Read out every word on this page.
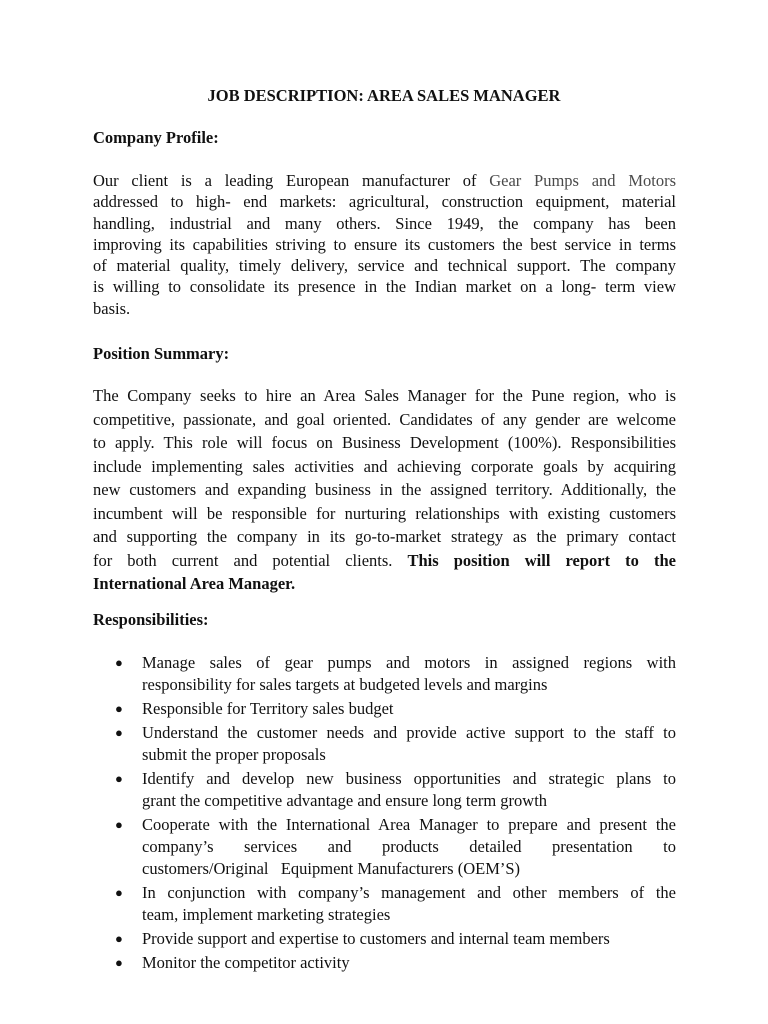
JOB DESCRIPTION: AREA SALES MANAGER
Company Profile:
Our client is a leading European manufacturer of Gear Pumps and Motors
addressed to high- end markets: agricultural, construction equipment, material
handling, industrial and many others. Since 1949, the company has been
improving its capabilities striving to ensure its customers the best service in terms
of material quality, timely delivery, service and technical support. The company
is willing to consolidate its presence in the Indian market on a long- term view
basis.
Position Summary:
The Company seeks to hire an Area Sales Manager for the Pune region, who is
competitive, passionate, and goal oriented. Candidates of any gender are welcome
to apply. This role will focus on Business Development (100%). Responsibilities
include implementing sales activities and achieving corporate goals by acquiring
new customers and expanding business in the assigned territory. Additionally, the
incumbent will be responsible for nurturing relationships with existing customers
and supporting the company in its go-to-market strategy as the primary contact
for both current and potential clients. This position will report to the
International Area Manager.
Responsibilities:
● Manage sales of gear pumps and motors in assigned regions with
responsibility for sales targets at budgeted levels and margins
● Responsible for Territory sales budget
● Understand the customer needs and provide active support to the staff to
submit the proper proposals
● Identify and develop new business opportunities and strategic plans to
grant the competitive advantage and ensure long term growth
● Cooperate with the International Area Manager to prepare and present the
company’s services and products detailed presentation to
customers/Original   Equipment Manufacturers (OEM’S)
● In conjunction with company’s management and other members of the
team, implement marketing strategies
● Provide support and expertise to customers and internal team members
● Monitor the competitor activity
